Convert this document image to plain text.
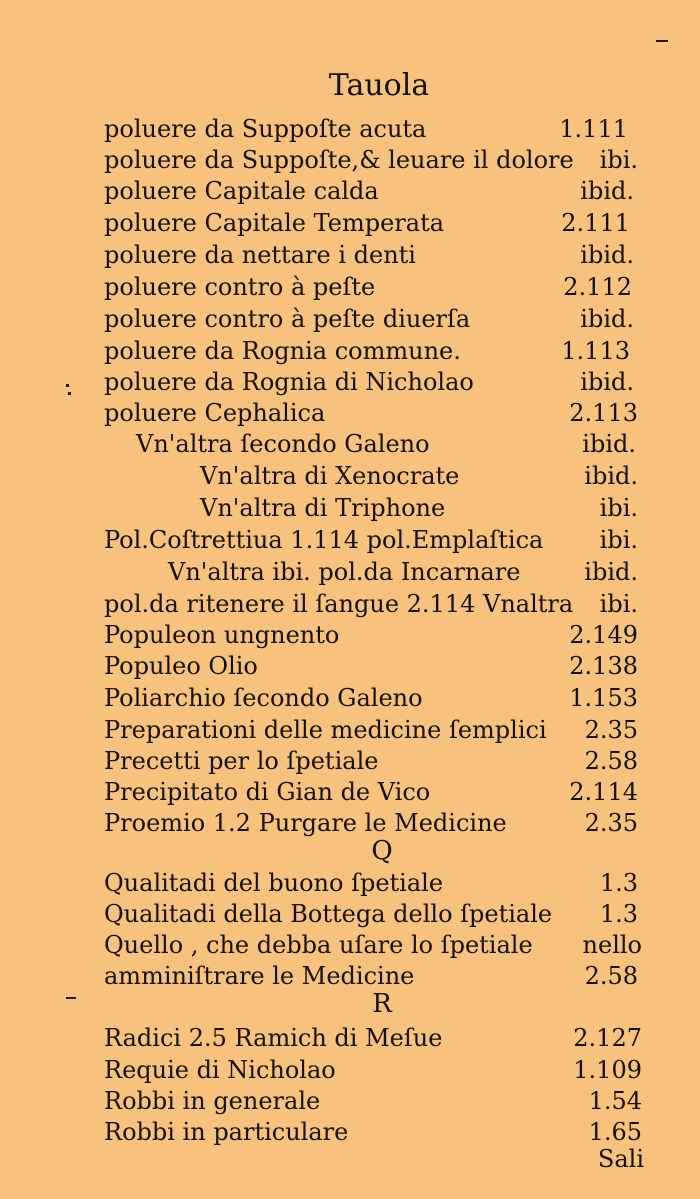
Tauola
poluere da Suppoſte acuta	1.111
poluere da Suppoſte,& leuare il dolore ibi.
poluere Capitale calda	ibid.
poluere Capitale Temperata	2.111
poluere da nettare i denti	ibid.
poluere contro à peſte	2.112
poluere contro à peſte diuerſa	ibid.
poluere da Rognia commune.	1.113
poluere da Rognia di Nicholao	ibid.
poluere Cephalica	2.113
Vn'altra ſecondo Galeno	ibid.
Vn'altra di Xenocrate	ibid.
Vn'altra di Triphone	ibi.
Pol.Coſtrettiua 1.114 pol.Emplaſtica ibi.
Vn'altra ibi. pol.da Incarnare	ibid.
pol.da ritenere il ſangue 2.114 Vnaltra ibi.
Populeon ungnento	2.149
Populeo Olio	2.138
Poliarchio ſecondo Galeno	1.153
Preparationi delle medicine ſemplici 2.35
Precetti per lo ſpetiale	2.58
Precipitato di Gian de Vico	2.114
Proemio 1.2 Purgare le Medicine	2.35
Q
Qualitadi del buono ſpetiale	1.3
Qualitadi della Bottega dello ſpetiale 1.3
Quello , che debba uſare lo ſpetiale nello
amminiſtrare le Medicine	2.58
R
Radici 2.5 Ramich di Meſue	2.127
Requie di Nicholao	1.109
Robbi in generale	1.54
Robbi in particulare	1.65
Sali
